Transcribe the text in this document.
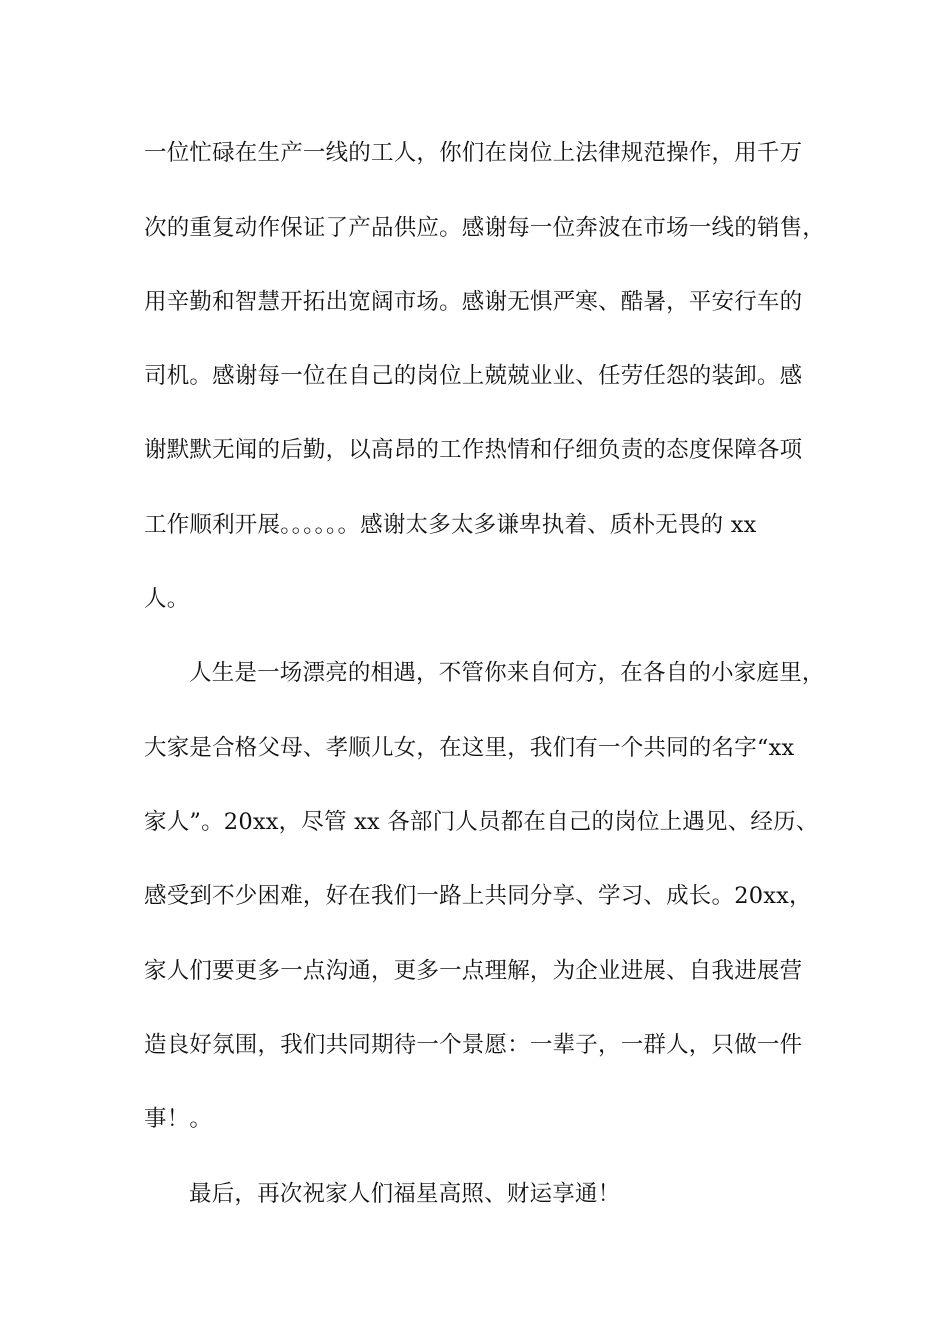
一位忙碌在生产一线的工人，你们在岗位上法律规范操作，用千万
次的重复动作保证了产品供应。感谢每一位奔波在市场一线的销售，
用辛勤和智慧开拓出宽阔市场。感谢无惧严寒、酷暑，平安行车的
司机。感谢每一位在自己的岗位上兢兢业业、任劳任怨的装卸。感
谢默默无闻的后勤，以高昂的工作热情和仔细负责的态度保障各项
工作顺利开展。。。。。。感谢太多太多谦卑执着、质朴无畏的 xx
人。
人生是一场漂亮的相遇，不管你来自何方，在各自的小家庭里，
大家是合格父母、孝顺儿女，在这里，我们有一个共同的名字“xx
家人”。20xx，尽管 xx 各部门人员都在自己的岗位上遇见、经历、
感受到不少困难，好在我们一路上共同分享、学习、成长。20xx，
家人们要更多一点沟通，更多一点理解，为企业进展、自我进展营
造良好氛围，我们共同期待一个景愿：一辈子，一群人，只做一件
事！。
最后，再次祝家人们福星高照、财运享通！
